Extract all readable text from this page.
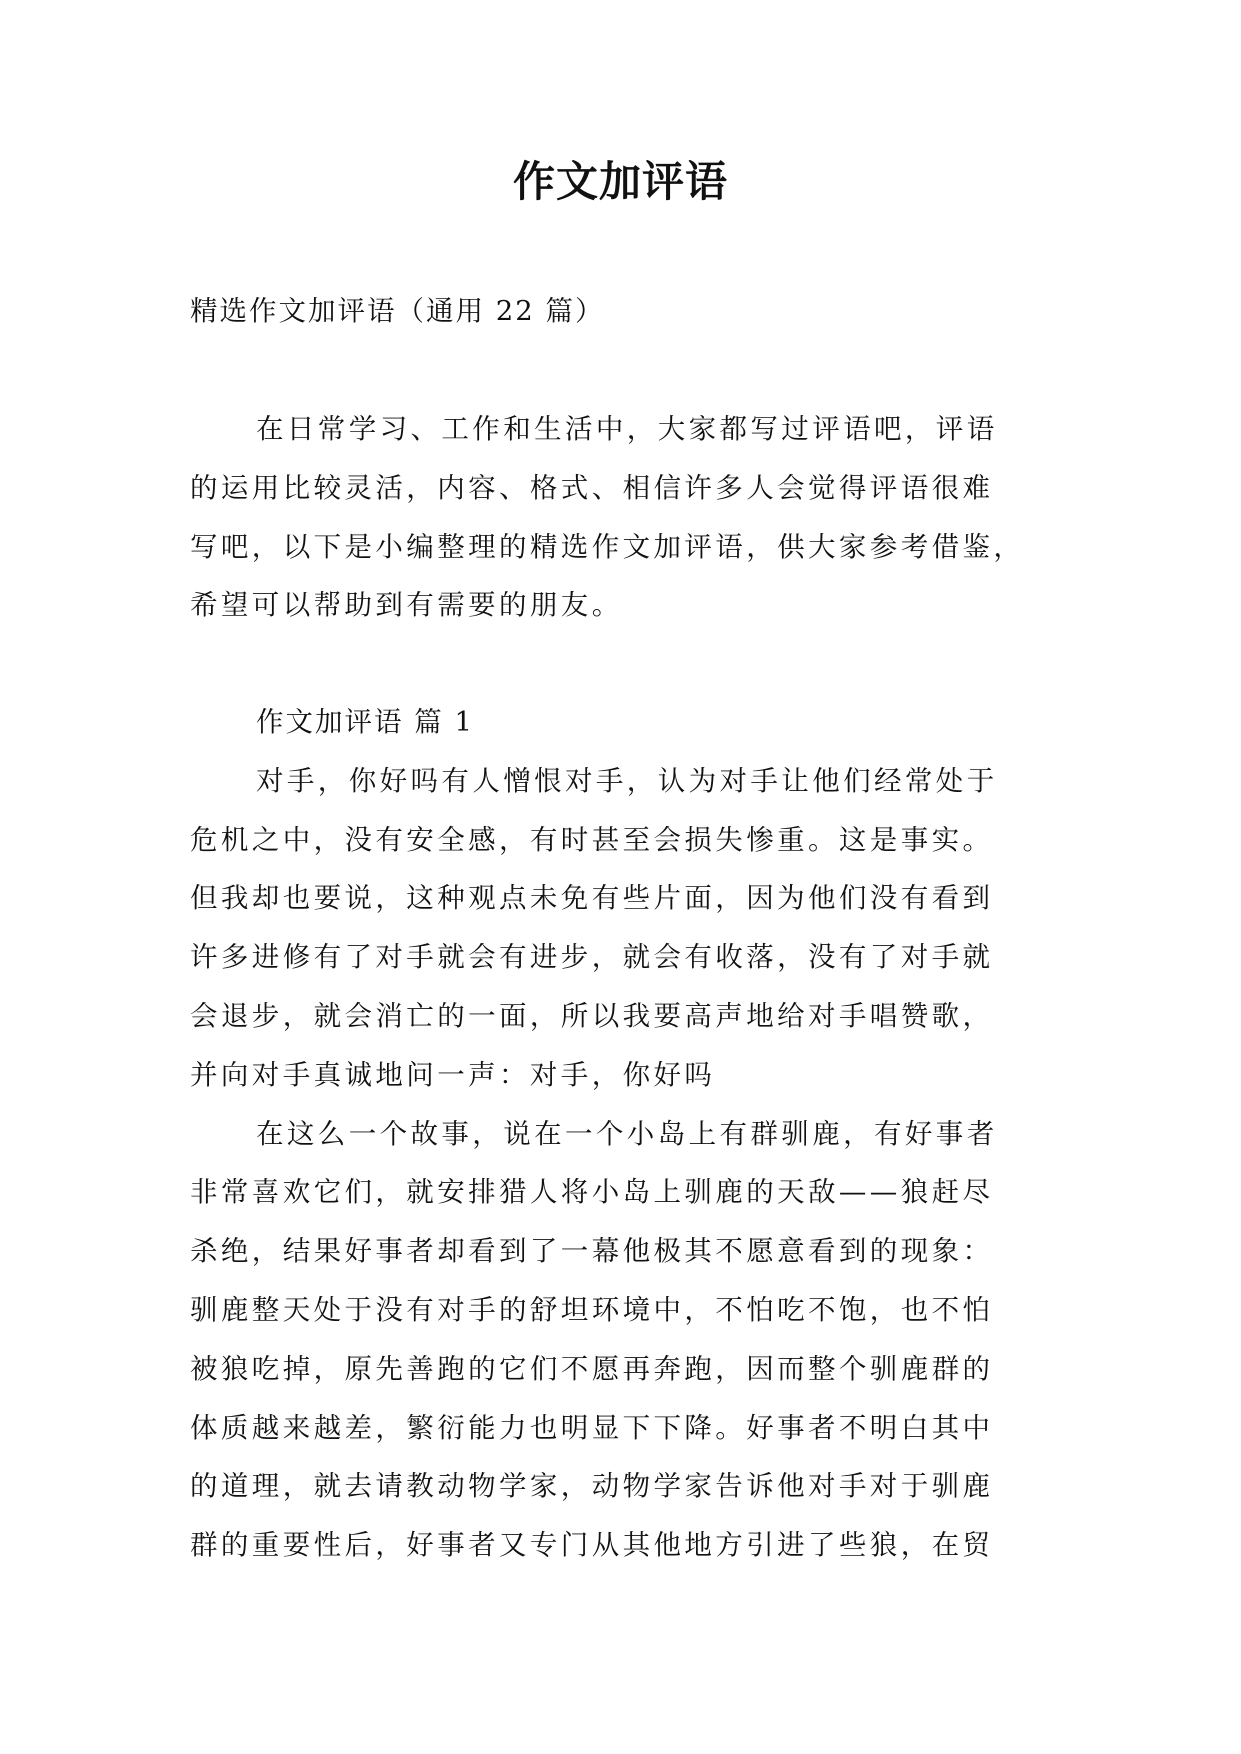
作文加评语
精选作文加评语（通用 22 篇）
在日常学习、工作和生活中，大家都写过评语吧，评语
的运用比较灵活，内容、格式、相信许多人会觉得评语很难
写吧，以下是小编整理的精选作文加评语，供大家参考借鉴，
希望可以帮助到有需要的朋友。
作文加评语 篇 1
对手，你好吗有人憎恨对手，认为对手让他们经常处于
危机之中，没有安全感，有时甚至会损失惨重。这是事实。
但我却也要说，这种观点未免有些片面，因为他们没有看到
许多进修有了对手就会有进步，就会有收落，没有了对手就
会退步，就会消亡的一面，所以我要高声地给对手唱赞歌，
并向对手真诚地问一声：对手，你好吗
在这么一个故事，说在一个小岛上有群驯鹿，有好事者
非常喜欢它们，就安排猎人将小岛上驯鹿的天敌——狼赶尽
杀绝，结果好事者却看到了一幕他极其不愿意看到的现象：
驯鹿整天处于没有对手的舒坦环境中，不怕吃不饱，也不怕
被狼吃掉，原先善跑的它们不愿再奔跑，因而整个驯鹿群的
体质越来越差，繁衍能力也明显下下降。好事者不明白其中
的道理，就去请教动物学家，动物学家告诉他对手对于驯鹿
群的重要性后，好事者又专门从其他地方引进了些狼，在贸
